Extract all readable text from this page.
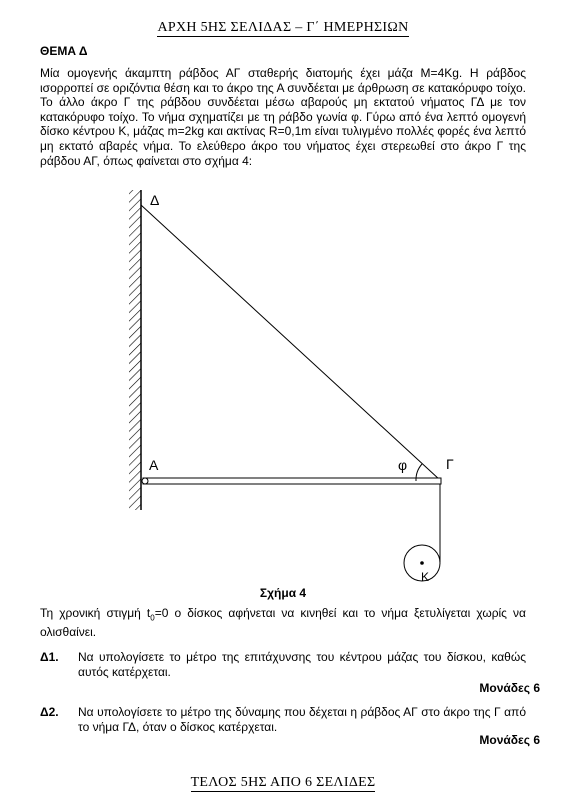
ΑΡΧΗ 5ΗΣ ΣΕΛΙΔΑΣ – Γ΄ ΗΜΕΡΗΣΙΩΝ
ΘΕΜΑ Δ
Μία ομογενής άκαμπτη ράβδος ΑΓ σταθερής διατομής έχει μάζα M=4Kg. Η ράβδος ισορροπεί σε οριζόντια θέση και το άκρο της Α συνδέεται με άρθρωση σε κατακόρυφο τοίχο. Το άλλο άκρο Γ της ράβδου συνδέεται μέσω αβαρούς μη εκτατού νήματος ΓΔ με τον κατακόρυφο τοίχο. Το νήμα σχηματίζει με τη ράβδο γωνία φ. Γύρω από ένα λεπτό ομογενή δίσκο κέντρου Κ, μάζας m=2kg και ακτίνας R=0,1m είναι τυλιγμένο πολλές φορές ένα λεπτό μη εκτατό αβαρές νήμα. Το ελεύθερο άκρο του νήματος έχει στερεωθεί στο άκρο Γ της ράβδου ΑΓ, όπως φαίνεται στο σχήμα 4:
Δ
Α	Γ
φ
K
Σχήμα 4
Τη χρονική στιγμή $t_0=0$ ο δίσκος αφήνεται να κινηθεί και το νήμα ξετυλίγεται χωρίς να ολισθαίνει.
Δ1. Να υπολογίσετε το μέτρο της επιτάχυνσης του κέντρου μάζας του δίσκου, καθώς αυτός κατέρχεται.
Μονάδες 6
Δ2. Να υπολογίσετε το μέτρο της δύναμης που δέχεται η ράβδος ΑΓ στο άκρο της Γ από το νήμα ΓΔ, όταν ο δίσκος κατέρχεται.
Μονάδες 6
ΤΕΛΟΣ 5ΗΣ ΑΠΟ 6 ΣΕΛΙΔΕΣ
